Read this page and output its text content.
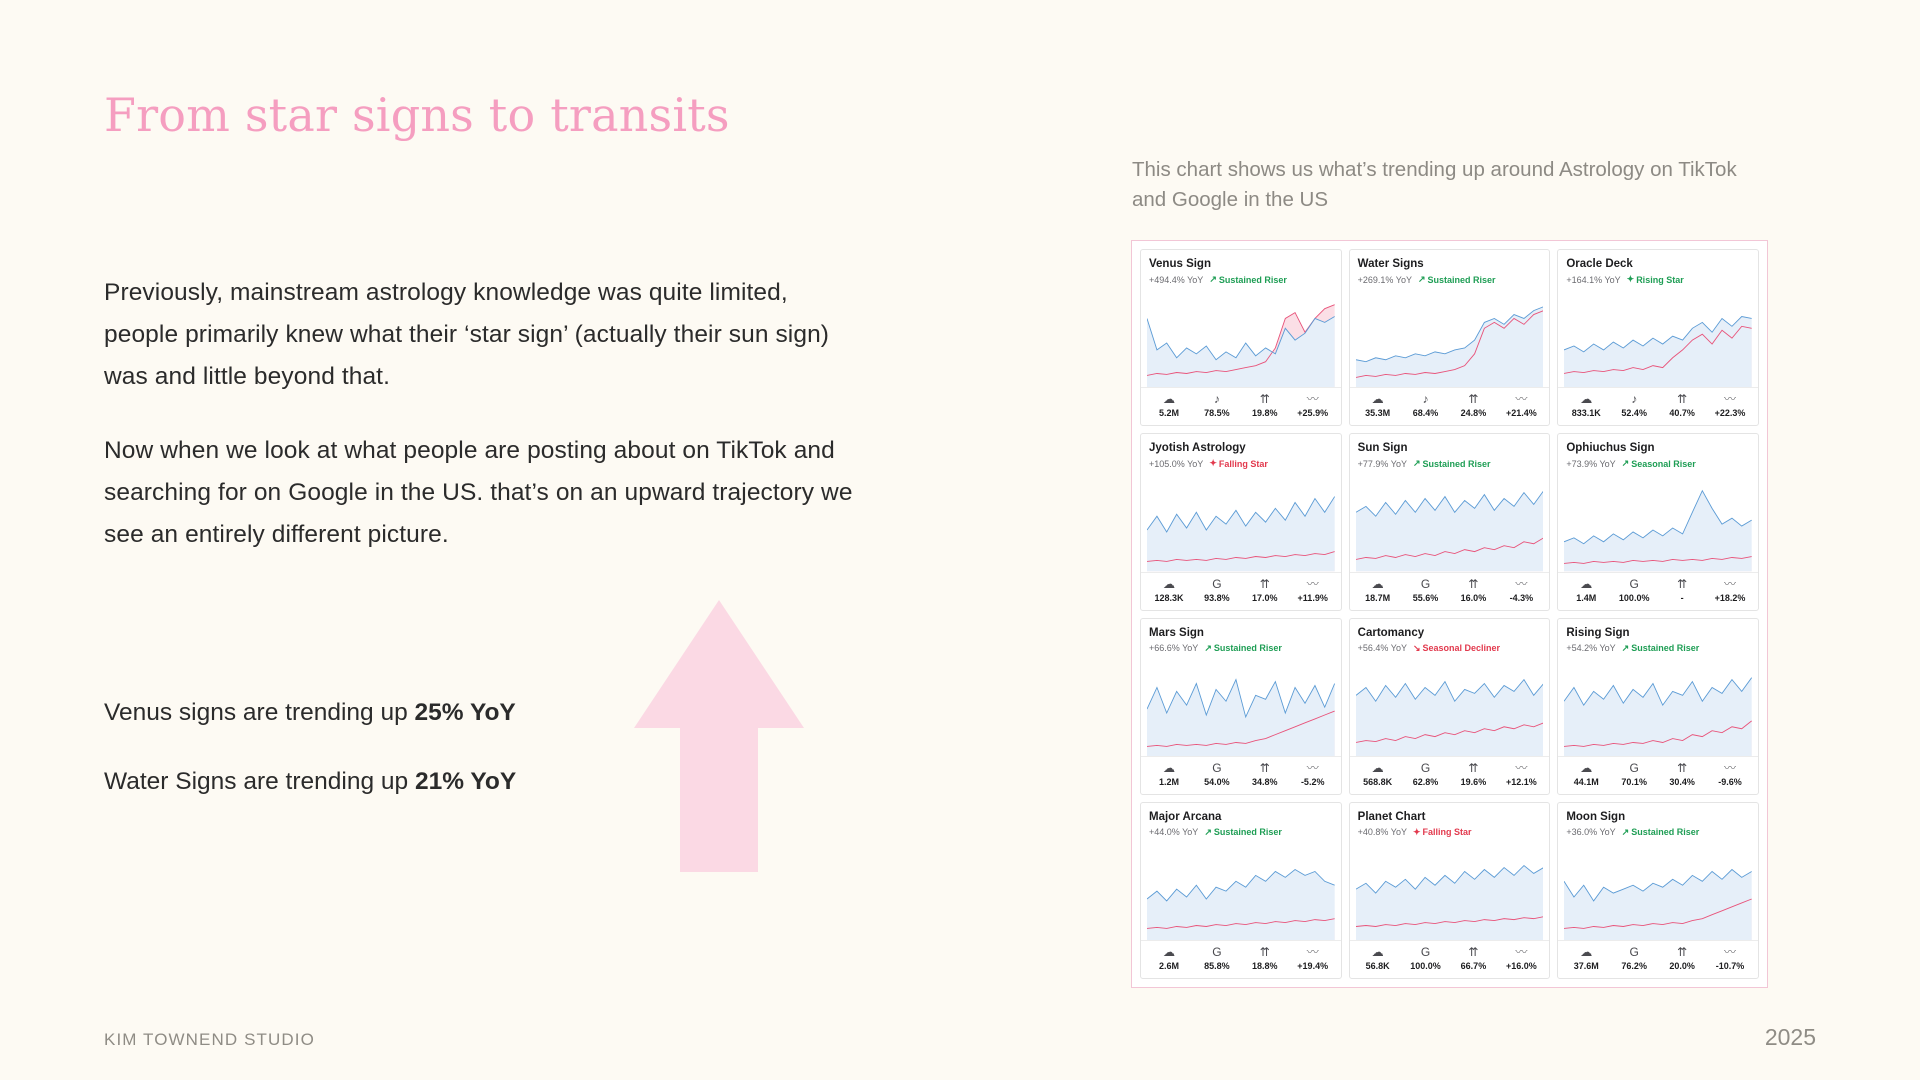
From star signs to transits
Previously, mainstream astrology knowledge was quite limited, people primarily knew what their ‘star sign’ (actually their sun sign) was and little beyond that.
Now when we look at what people are posting about on TikTok and searching for on Google in the US. that’s on an upward trajectory we see an entirely different picture.
Venus signs are trending up 25% YoY
Water Signs are trending up 21% YoY
KIM TOWNEND STUDIO	2025
This chart shows us what’s trending up around Astrology on TikTok and Google in the US
Venus Sign
+494.4% YoY ↗ Sustained Riser
☁	♪	⇈	〰
5.2M	78.5%	19.8%	+25.9%
Water Signs
+269.1% YoY ↗ Sustained Riser
☁	♪	⇈	〰
35.3M	68.4%	24.8%	+21.4%
Oracle Deck
+164.1% YoY ✦ Rising Star
☁	♪	⇈	〰
833.1K	52.4%	40.7%	+22.3%
Jyotish Astrology
+105.0% YoY ✦ Falling Star
☁	G	⇈	〰
128.3K	93.8%	17.0%	+11.9%
Sun Sign
+77.9% YoY ↗ Sustained Riser
☁	G	⇈	〰
18.7M	55.6%	16.0%	-4.3%
Ophiuchus Sign
+73.9% YoY ↗ Seasonal Riser
☁	G	⇈	〰
1.4M	100.0%	-	+18.2%
Mars Sign
+66.6% YoY ↗ Sustained Riser
☁	G	⇈	〰
1.2M	54.0%	34.8%	-5.2%
Cartomancy
+56.4% YoY ↘ Seasonal Decliner
☁	G	⇈	〰
568.8K	62.8%	19.6%	+12.1%
Rising Sign
+54.2% YoY ↗ Sustained Riser
☁	G	⇈	〰
44.1M	70.1%	30.4%	-9.6%
Major Arcana
+44.0% YoY ↗ Sustained Riser
☁	G	⇈	〰
2.6M	85.8%	18.8%	+19.4%
Planet Chart
+40.8% YoY ✦ Falling Star
☁	G	⇈	〰
56.8K	100.0%	66.7%	+16.0%
Moon Sign
+36.0% YoY ↗ Sustained Riser
☁	G	⇈	〰
37.6M	76.2%	20.0%	-10.7%
